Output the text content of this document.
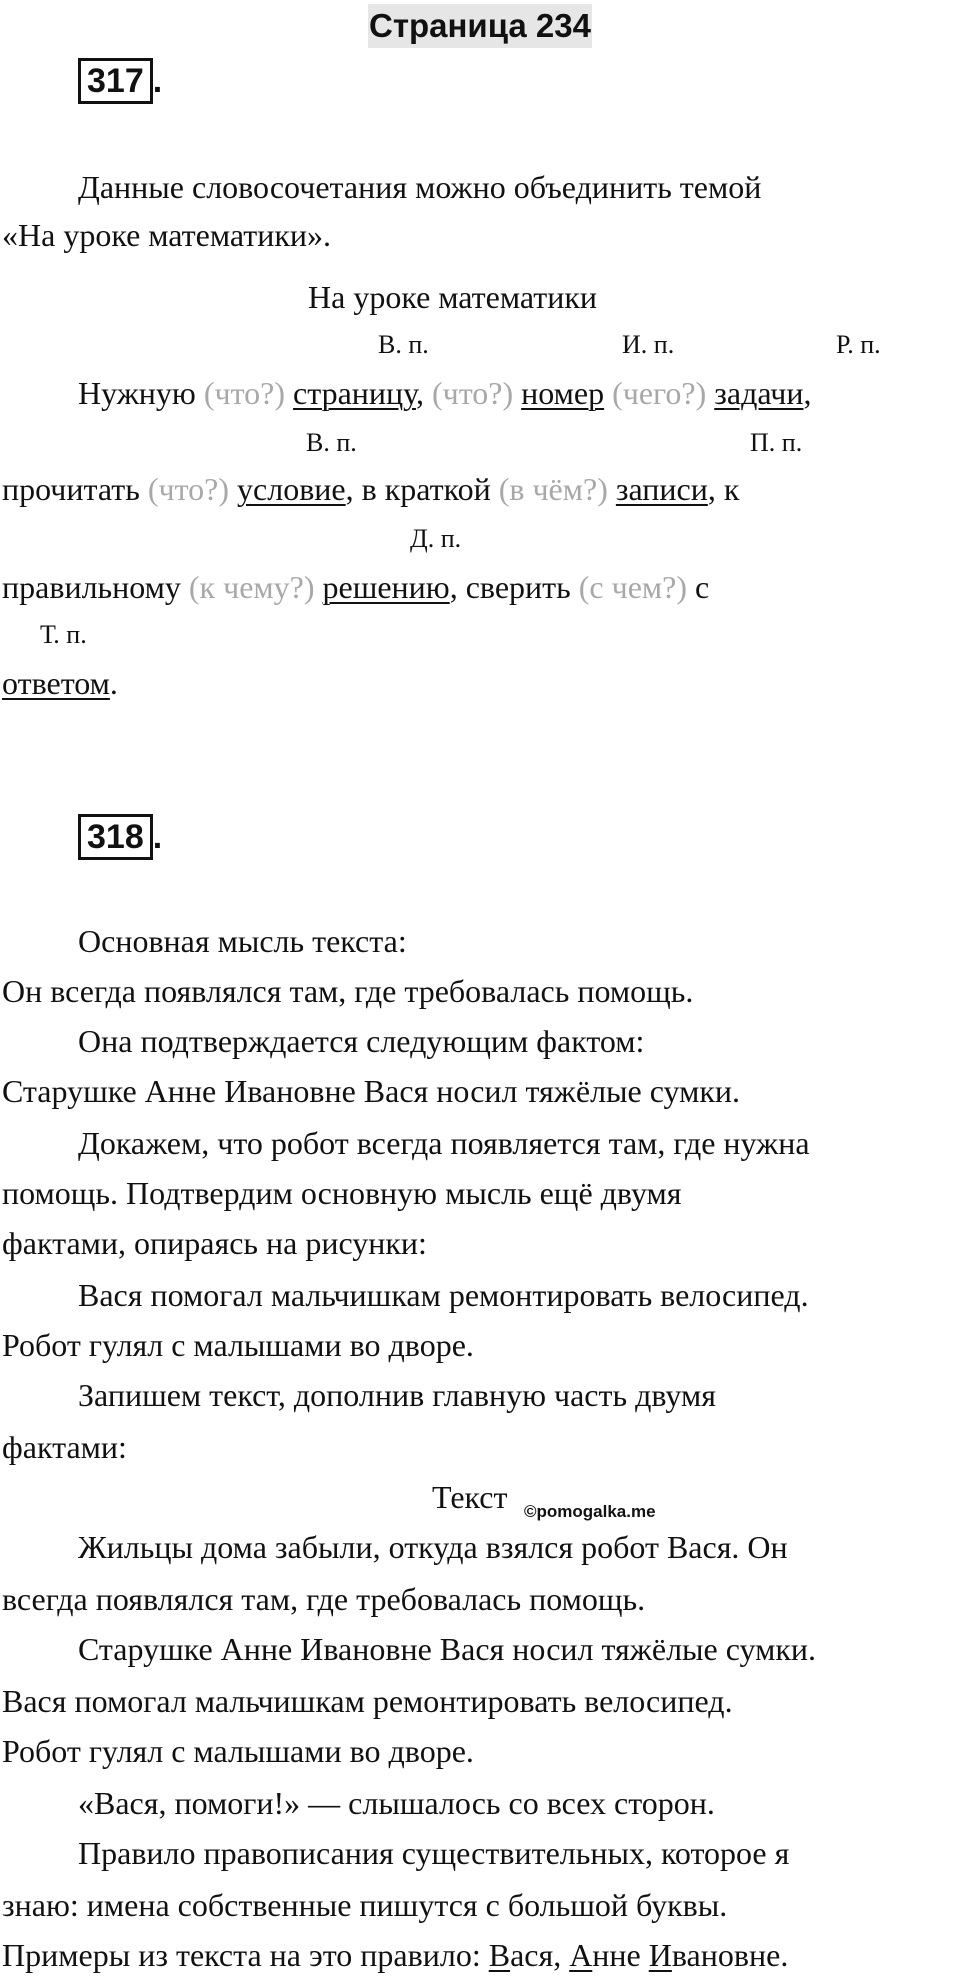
Страница 234
317 .
Данные словосочетания можно объединить темой
«На уроке математики».
На уроке математики
В. п.	И. п.	Р. п.
Нужную (что?) страницу, (что?) номер (чего?) задачи,
В. п.	П. п.
прочитать (что?) условие, в краткой (в чём?) записи, к
Д. п.
правильному (к чему?) решению, сверить (с чем?) с
Т. п.
ответом.
318 .
Основная мысль текста:
Он всегда появлялся там, где требовалась помощь.
Она подтверждается следующим фактом:
Старушке Анне Ивановне Вася носил тяжёлые сумки.
Докажем, что робот всегда появляется там, где нужна
помощь. Подтвердим основную мысль ещё двумя
фактами, опираясь на рисунки:
Вася помогал мальчишкам ремонтировать велосипед.
Робот гулял с малышами во дворе.
Запишем текст, дополнив главную часть двумя
фактами:
Текст ©pomogalka.me
Жильцы дома забыли, откуда взялся робот Вася. Он
всегда появлялся там, где требовалась помощь.
Старушке Анне Ивановне Вася носил тяжёлые сумки.
Вася помогал мальчишкам ремонтировать велосипед.
Робот гулял с малышами во дворе.
«Вася, помоги!» — слышалось со всех сторон.
Правило правописания существительных, которое я
знаю: имена собственные пишутся с большой буквы.
Примеры из текста на это правило: Вася, Анне Ивановне.
